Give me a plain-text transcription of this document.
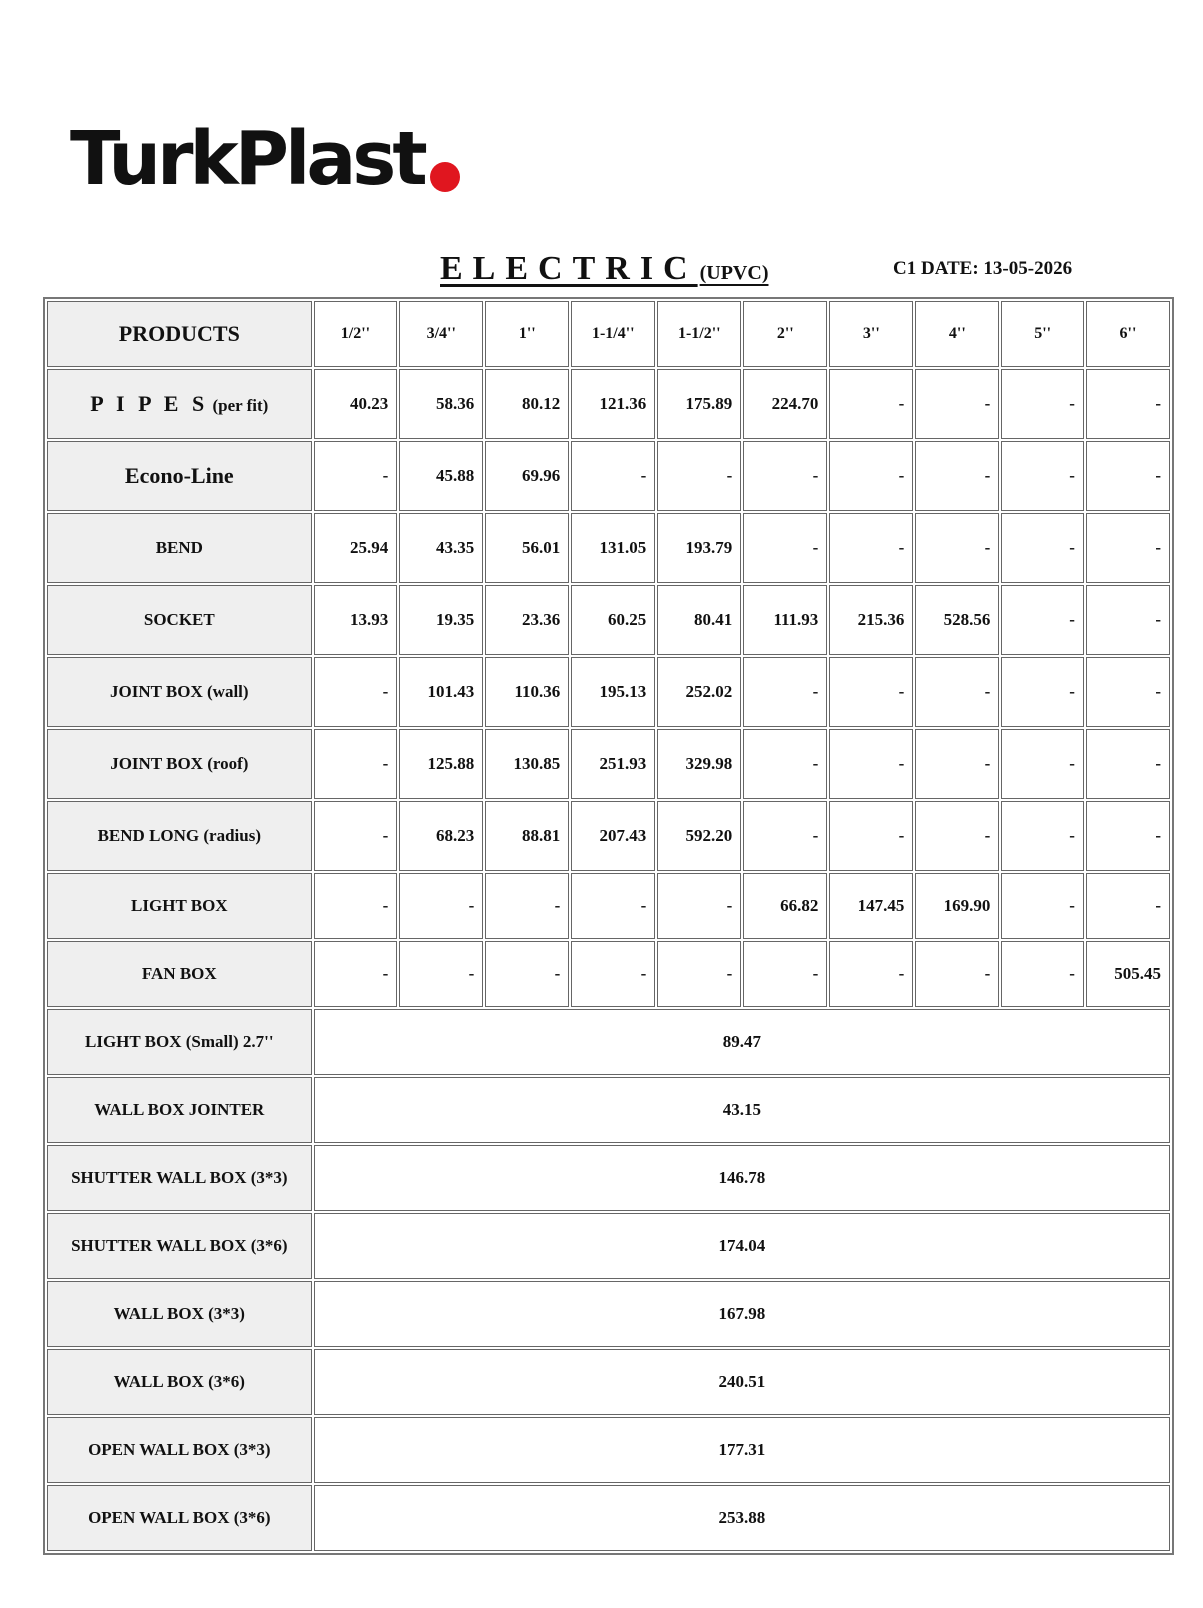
TurkPlast
ELECTRIC (UPVC)	C1 DATE: 13-05-2026
PRODUCTS	1/2''	3/4''	1''	1-1/4''	1-1/2''	2''	3''	4''	5''	6''
P I P E S (per fit)	40.23	58.36	80.12	121.36	175.89	224.70	-	-	-	-
Econo-Line	-	45.88	69.96	-	-	-	-	-	-	-
BEND	25.94	43.35	56.01	131.05	193.79	-	-	-	-	-
SOCKET	13.93	19.35	23.36	60.25	80.41	111.93	215.36	528.56	-	-
JOINT BOX (wall)	-	101.43	110.36	195.13	252.02	-	-	-	-	-
JOINT BOX (roof)	-	125.88	130.85	251.93	329.98	-	-	-	-	-
BEND LONG (radius)	-	68.23	88.81	207.43	592.20	-	-	-	-	-
LIGHT BOX	-	-	-	-	-	66.82	147.45	169.90	-	-
FAN BOX	-	-	-	-	-	-	-	-	-	505.45
LIGHT BOX (Small) 2.7''	89.47									
WALL BOX JOINTER	43.15									
SHUTTER WALL BOX (3*3)	146.78									
SHUTTER WALL BOX (3*6)	174.04									
WALL BOX (3*3)	167.98									
WALL BOX (3*6)	240.51									
OPEN WALL BOX (3*3)	177.31									
OPEN WALL BOX (3*6)	253.88									
